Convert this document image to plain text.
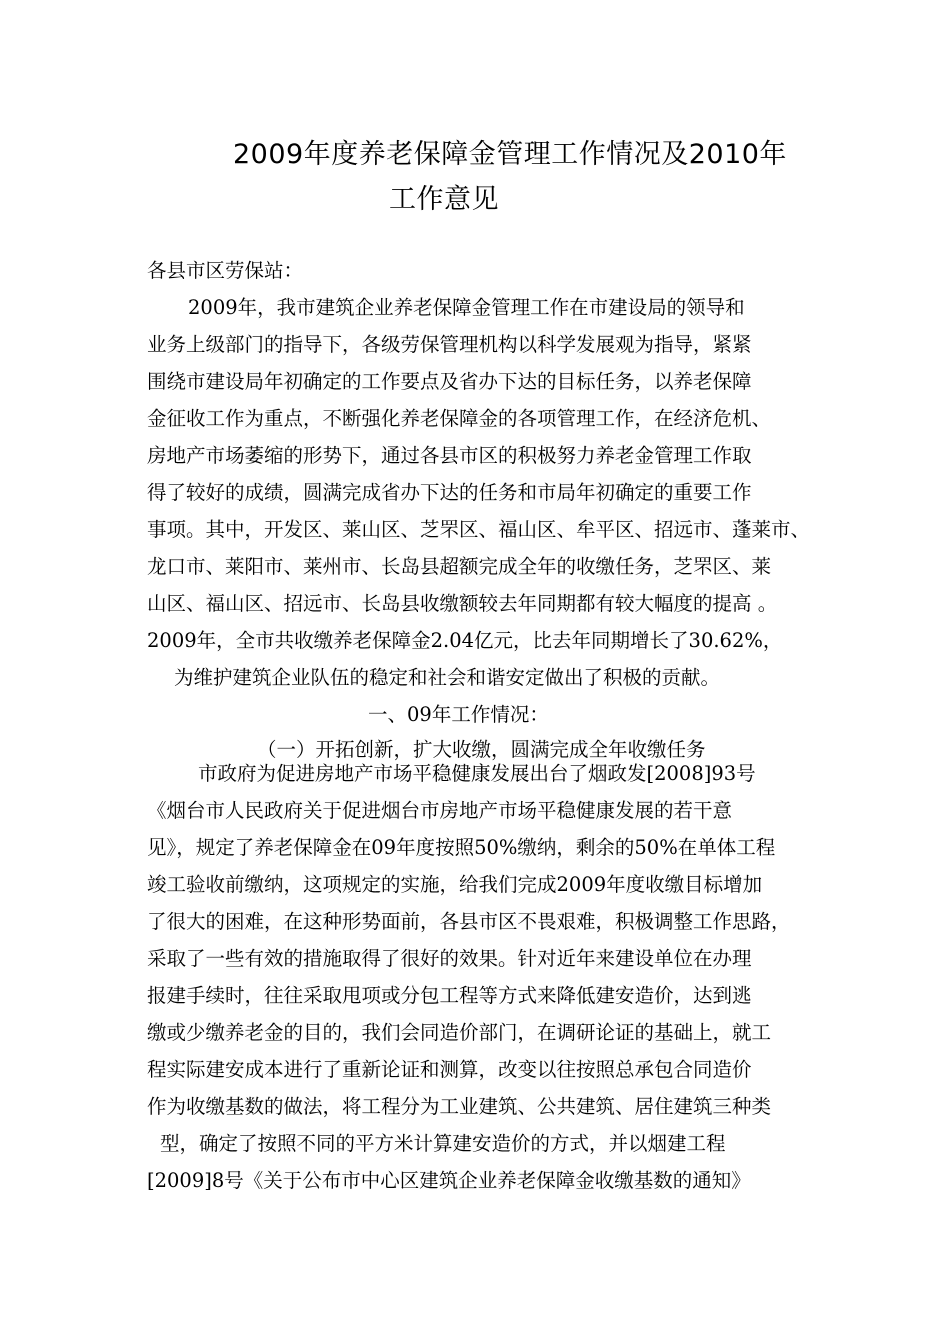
2009年度养老保障金管理工作情况及2010年
工作意见
各县市区劳保站：
2009年，我市建筑企业养老保障金管理工作在市建设局的领导和
业务上级部门的指导下，各级劳保管理机构以科学发展观为指导，紧紧
围绕市建设局年初确定的工作要点及省办下达的目标任务，以养老保障
金征收工作为重点，不断强化养老保障金的各项管理工作，在经济危机、
房地产市场萎缩的形势下，通过各县市区的积极努力养老金管理工作取
得了较好的成绩，圆满完成省办下达的任务和市局年初确定的重要工作
事项。其中，开发区、莱山区、芝罘区、福山区、牟平区、招远市、蓬莱市、
龙口市、莱阳市、莱州市、长岛县超额完成全年的收缴任务，芝罘区、莱
山区、福山区、招远市、长岛县收缴额较去年同期都有较大幅度的提高 。
2009年，全市共收缴养老保障金2.04亿元，比去年同期增长了30.62%，
为维护建筑企业队伍的稳定和社会和谐安定做出了积极的贡献。
一、09年工作情况：
（一）开拓创新，扩大收缴，圆满完成全年收缴任务
市政府为促进房地产市场平稳健康发展出台了烟政发[2008]93号
《烟台市人民政府关于促进烟台市房地产市场平稳健康发展的若干意
见》，规定了养老保障金在09年度按照50%缴纳，剩余的50%在单体工程
竣工验收前缴纳，这项规定的实施，给我们完成2009年度收缴目标增加
了很大的困难，在这种形势面前，各县市区不畏艰难，积极调整工作思路，
采取了一些有效的措施取得了很好的效果。针对近年来建设单位在办理
报建手续时，往往采取甩项或分包工程等方式来降低建安造价，达到逃
缴或少缴养老金的目的，我们会同造价部门，在调研论证的基础上，就工
程实际建安成本进行了重新论证和测算，改变以往按照总承包合同造价
作为收缴基数的做法，将工程分为工业建筑、公共建筑、居住建筑三种类
型，确定了按照不同的平方米计算建安造价的方式，并以烟建工程
[2009]8号《关于公布市中心区建筑企业养老保障金收缴基数的通知》
